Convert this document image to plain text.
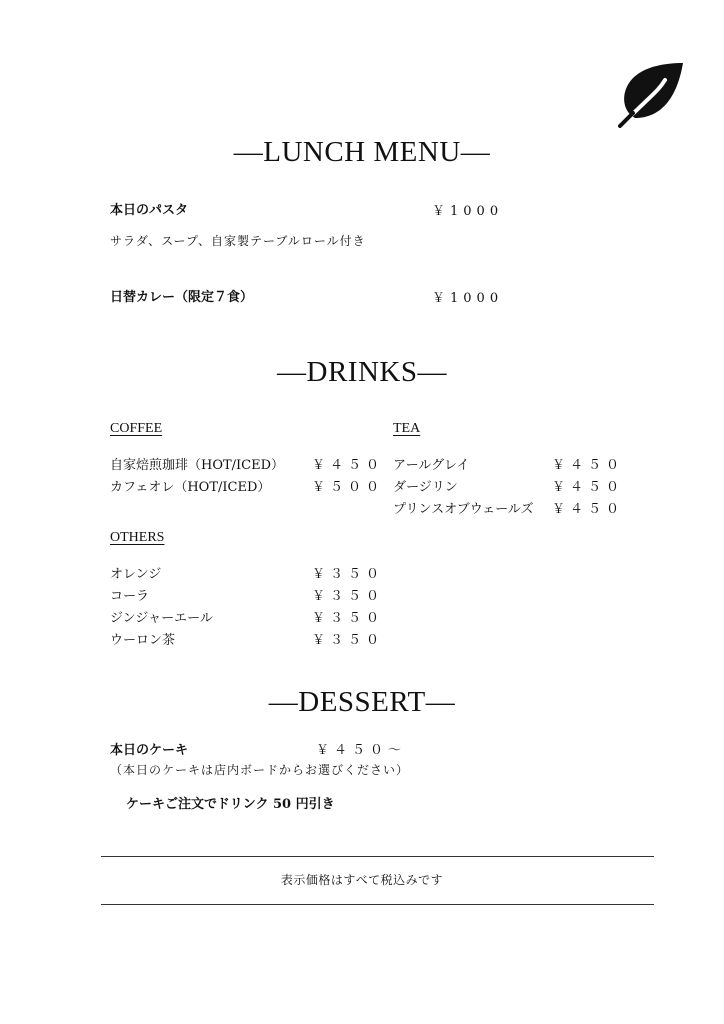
―LUNCH MENU―
本日のパスタ	￥1000
サラダ、スープ、自家製テーブルロール付き
日替カレー（限定７食）	￥1000
―DRINKS―
COFFEE
自家焙煎珈琲（HOT/ICED） ￥４５０
カフェオレ（HOT/ICED）	￥５００
TEA
アールグレイ	￥４５０
ダージリン	￥４５０
プリンスオブウェールズ ￥４５０
OTHERS
オレンジ	￥３５０
コーラ	￥３５０
ジンジャーエール	￥３５０
ウーロン茶	￥３５０
―DESSERT―
本日のケーキ	￥４５０～
（本日のケーキは店内ボードからお選びください）
ケーキご注文でドリンク 50 円引き
表示価格はすべて税込みです
